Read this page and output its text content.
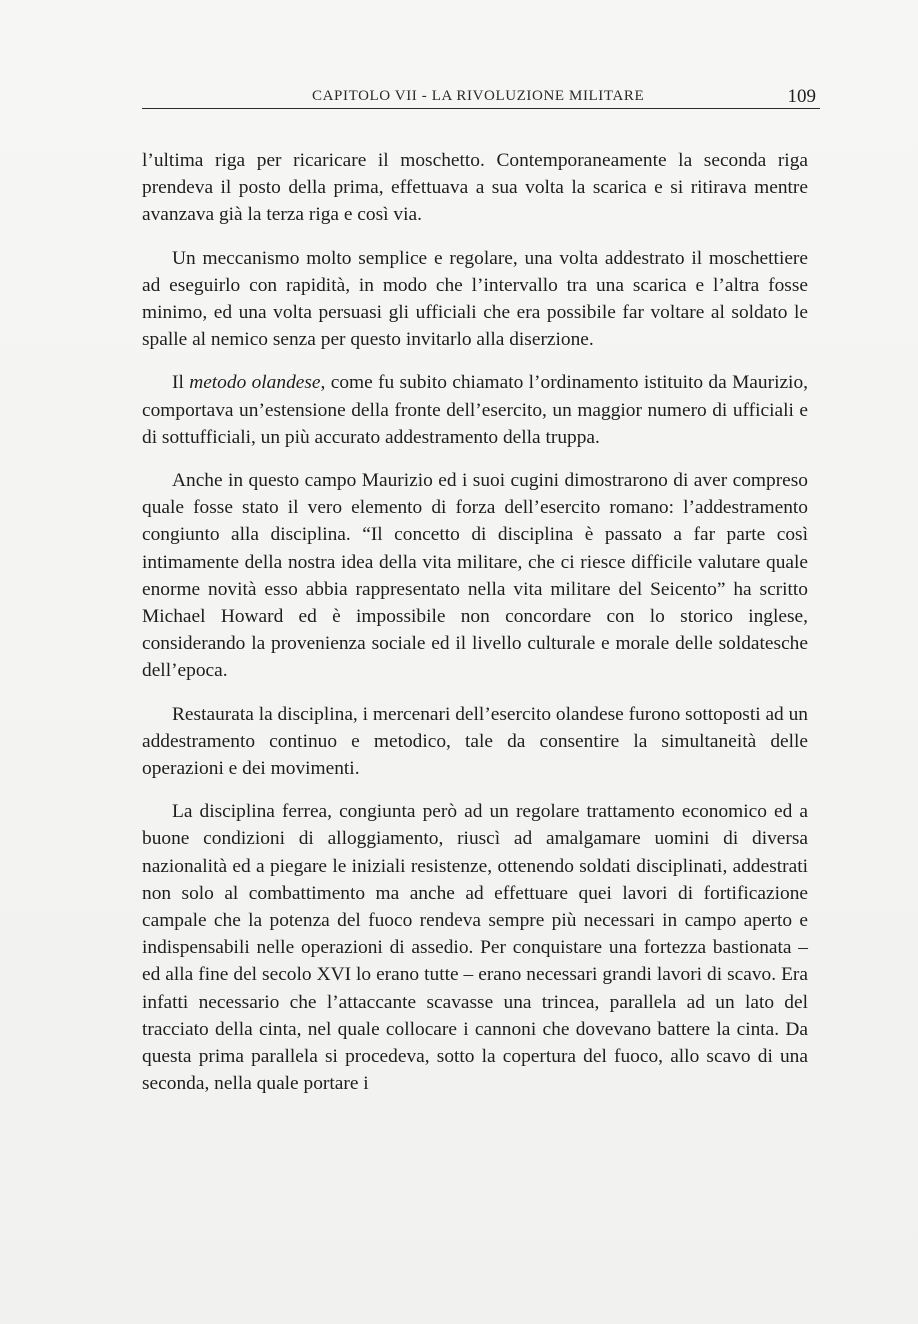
CAPITOLO VII - LA RIVOLUZIONE MILITARE	109

l’ultima riga per ricaricare il moschetto. Contemporaneamente la seconda riga prendeva il posto della prima, effettuava a sua volta la scarica e si ritirava mentre avanzava già la terza riga e così via.

Un meccanismo molto semplice e regolare, una volta addestrato il moschettiere ad eseguirlo con rapidità, in modo che l’intervallo tra una scarica e l’altra fosse minimo, ed una volta persuasi gli ufficiali che era possibile far voltare al soldato le spalle al nemico senza per questo invitarlo alla diserzione.

Il metodo olandese, come fu subito chiamato l’ordinamento istituito da Maurizio, comportava un’estensione della fronte dell’esercito, un maggior numero di ufficiali e di sottufficiali, un più accurato addestramento della truppa.

Anche in questo campo Maurizio ed i suoi cugini dimostrarono di aver compreso quale fosse stato il vero elemento di forza dell’esercito romano: l’addestramento congiunto alla disciplina. “Il concetto di disciplina è passato a far parte così intimamente della nostra idea della vita militare, che ci riesce difficile valutare quale enorme novità esso abbia rappresentato nella vita militare del Seicento” ha scritto Michael Howard ed è impossibile non concordare con lo storico inglese, considerando la provenienza sociale ed il livello culturale e morale delle soldatesche dell’epoca.

Restaurata la disciplina, i mercenari dell’esercito olandese furono sottoposti ad un addestramento continuo e metodico, tale da consentire la simultaneità delle operazioni e dei movimenti.

La disciplina ferrea, congiunta però ad un regolare trattamento economico ed a buone condizioni di alloggiamento, riuscì ad amalgamare uomini di diversa nazionalità ed a piegare le iniziali resistenze, ottenendo soldati disciplinati, addestrati non solo al combattimento ma anche ad effettuare quei lavori di fortificazione campale che la potenza del fuoco rendeva sempre più necessari in campo aperto e indispensabili nelle operazioni di assedio. Per conquistare una fortezza bastionata – ed alla fine del secolo XVI lo erano tutte – erano necessari grandi lavori di scavo. Era infatti necessario che l’attaccante scavasse una trincea, parallela ad un lato del tracciato della cinta, nel quale collocare i cannoni che dovevano battere la cinta. Da questa prima parallela si procedeva, sotto la copertura del fuoco, allo scavo di una seconda, nella quale portare i
